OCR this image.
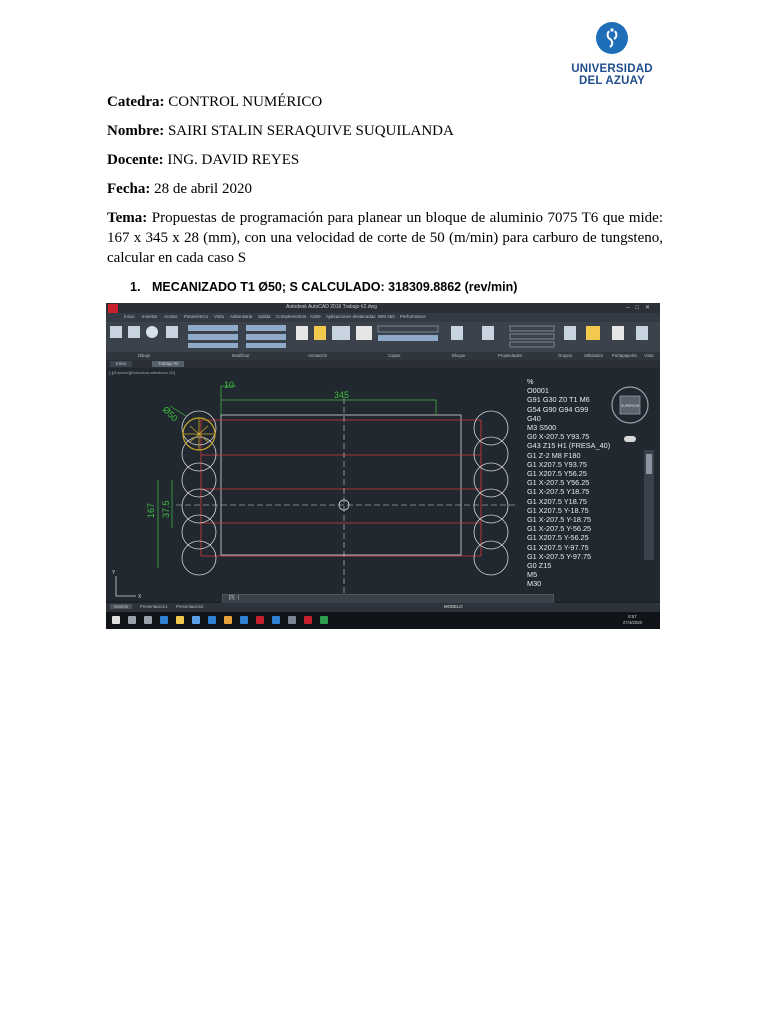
UNIVERSIDAD
DEL AZUAY
Catedra: CONTROL NUMÉRICO
Nombre: SAIRI STALIN SERAQUIVE SUQUILANDA
Docente: ING. DAVID REYES
Fecha: 28 de abril 2020
Tema: Propuestas de programación para planear un bloque de aluminio 7075 T6 que mide: 167 x 345 x 28 (mm), con una velocidad de corte de 50 (m/min) para carburo de tungsteno, calcular en cada caso S
1. MECANIZADO T1 Ø50; S CALCULADO: 318309.8862 (rev/min)
Autodesk AutoCAD 2016 Trabajo #2.dwg	–□✕
Inicio Insertar Anotar Paramétrico Vista Administrar Salida Complementos A360 Aplicaciones destacadas BIM 360 Performance
Dibujo	Modificar	Anotación	Capas	Bloque	Propiedades	Grupos	Utilidades Portapapeles Vista
Inicio	Trabajo #2
[-][Superior][Estructura alámbrica 2D]
345
10
Ø50
167 37.5
Y
X
SUPERIOR
%
O0001
G91 G30 Z0 T1 M6
G54 G90 G94 G99
G40
M3 S500
G0 X-207.5 Y93.75
G43 Z15 H1 (FRESA_40)
G1 Z-2 M8 F180
G1 X207.5 Y93.75
G1 X207.5 Y56.25
G1 X-207.5 Y56.25
G1 X-207.5 Y18.75
G1 X207.5 Y18.75
G1 X207.5 Y-18.75
G1 X-207.5 Y-18.75
G1 X-207.5 Y-56.25
G1 X207.5 Y-56.25
G1 X207.5 Y-97.75
G1 X-207.5 Y-97.75
G0 Z15
M5
M30
[0] ·|
Modelo	Presentación1	Presentación2	MODELO
8:57
27/4/2020
